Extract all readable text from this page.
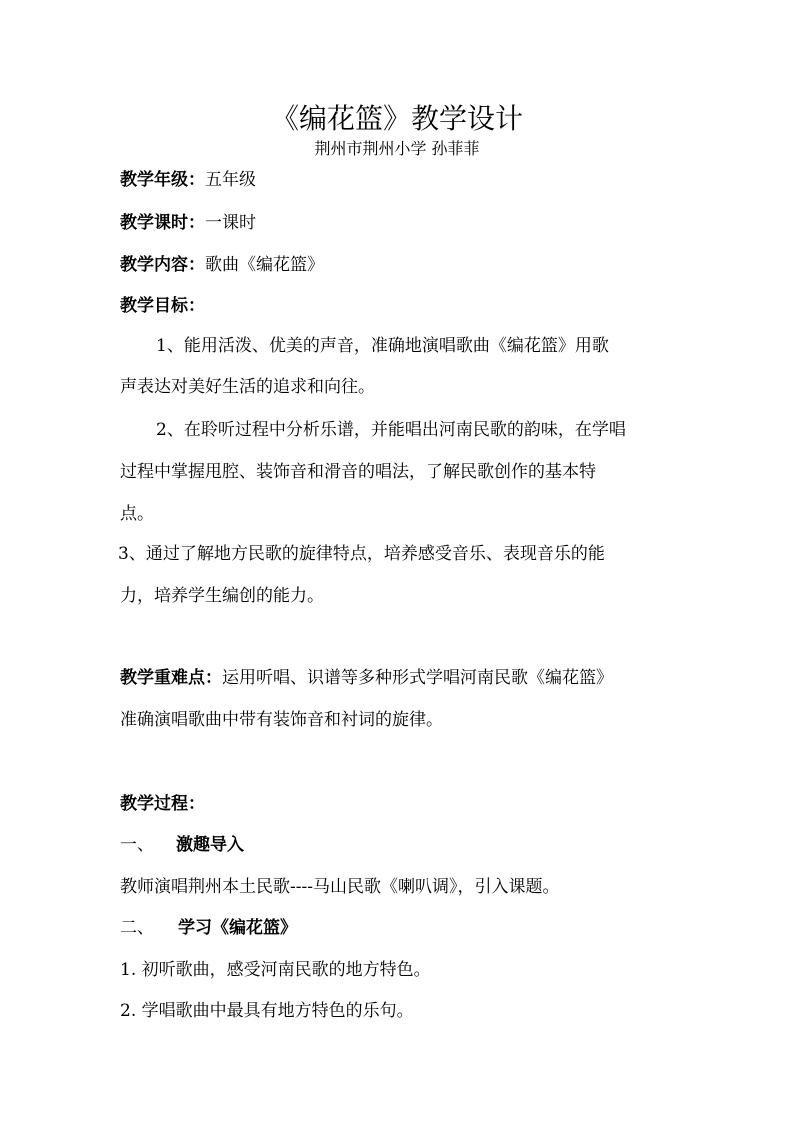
《编花篮》教学设计
荆州市荆州小学 孙菲菲
教学年级：五年级
教学课时：一课时
教学内容：歌曲《编花篮》
教学目标：
1、能用活泼、优美的声音，准确地演唱歌曲《编花篮》用歌
声表达对美好生活的追求和向往。
2、在聆听过程中分析乐谱，并能唱出河南民歌的韵味，在学唱
过程中掌握甩腔、装饰音和滑音的唱法，了解民歌创作的基本特
点。
3、通过了解地方民歌的旋律特点，培养感受音乐、表现音乐的能
力，培养学生编创的能力。
教学重难点：运用听唱、识谱等多种形式学唱河南民歌《编花篮》
准确演唱歌曲中带有装饰音和衬词的旋律。
教学过程：
一、 激趣导入
教师演唱荆州本土民歌----马山民歌《喇叭调》，引入课题。
二、 学习《编花篮》
1. 初听歌曲，感受河南民歌的地方特色。
2. 学唱歌曲中最具有地方特色的乐句。
